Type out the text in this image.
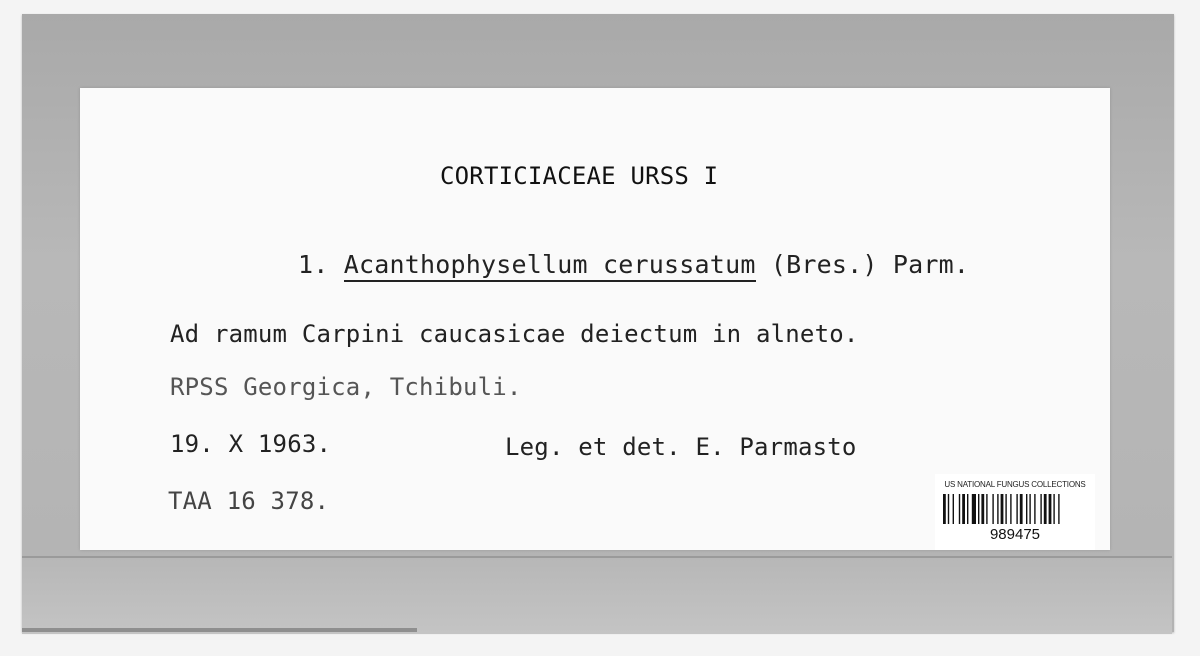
CORTICIACEAE URSS I
1. Acanthophysellum cerussatum (Bres.) Parm.
Ad ramum Carpini caucasicae deiectum in alneto.
RPSS Georgica, Tchibuli.
19. X 1963.	Leg. et det. E. Parmasto
TAA 16 378.
US NATIONAL FUNGUS COLLECTIONS
989475
